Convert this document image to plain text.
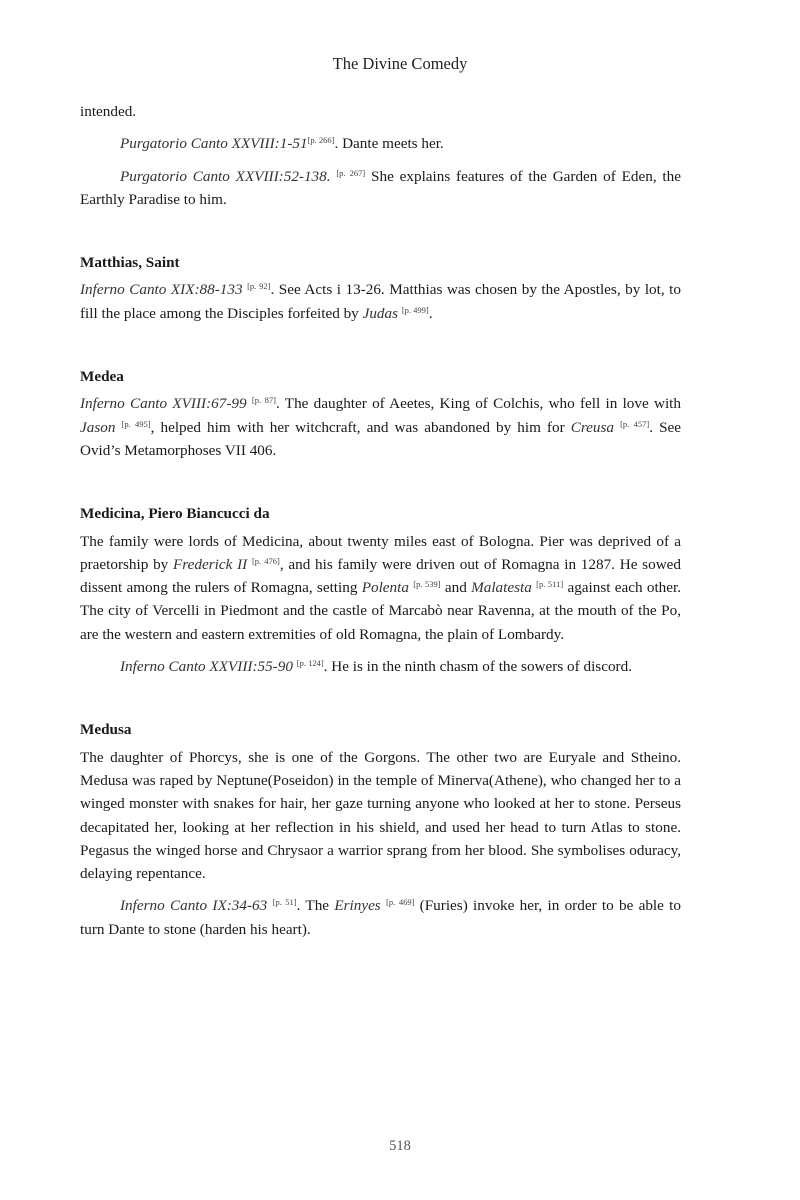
The Divine Comedy

intended.

Purgatorio Canto XXVIII:1-51[p. 266]. Dante meets her.

Purgatorio Canto XXVIII:52-138. [p. 267] She explains features of the Garden of Eden, the Earthly Paradise to him.

Matthias, Saint

Inferno Canto XIX:88-133 [p. 92]. See Acts i 13-26. Matthias was chosen by the Apostles, by lot, to fill the place among the Disciples forfeited by Judas [p. 499].

Medea

Inferno Canto XVIII:67-99 [p. 87]. The daughter of Aeetes, King of Colchis, who fell in love with Jason [p. 495], helped him with her witchcraft, and was abandoned by him for Creusa [p. 457]. See Ovid’s Metamorphoses VII 406.

Medicina, Piero Biancucci da

The family were lords of Medicina, about twenty miles east of Bologna. Pier was deprived of a praetorship by Frederick II [p. 476], and his family were driven out of Romagna in 1287. He sowed dissent among the rulers of Romagna, setting Polenta [p. 539] and Malatesta [p. 511] against each other. The city of Vercelli in Piedmont and the castle of Marcabò near Ravenna, at the mouth of the Po, are the western and eastern extremities of old Romagna, the plain of Lombardy.

Inferno Canto XXVIII:55-90 [p. 124]. He is in the ninth chasm of the sowers of discord.

Medusa

The daughter of Phorcys, she is one of the Gorgons. The other two are Euryale and Stheino. Medusa was raped by Neptune(Poseidon) in the temple of Minerva(Athene), who changed her to a winged monster with snakes for hair, her gaze turning anyone who looked at her to stone. Perseus decapitated her, looking at her reflection in his shield, and used her head to turn Atlas to stone. Pegasus the winged horse and Chrysaor a warrior sprang from her blood. She symbolises oduracy, delaying repentance.

Inferno Canto IX:34-63 [p. 51]. The Erinyes [p. 469] (Furies) invoke her, in order to be able to turn Dante to stone (harden his heart).

518
